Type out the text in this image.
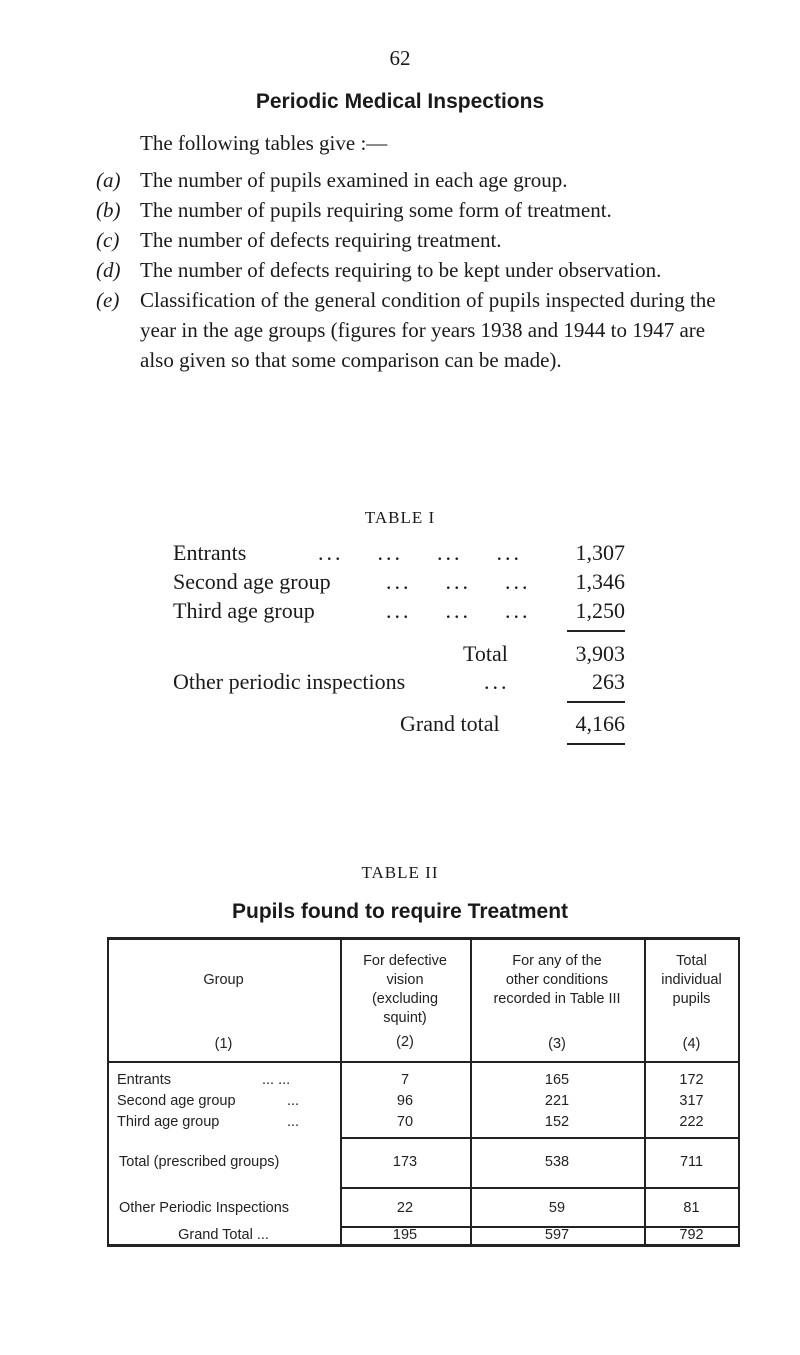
62
Periodic Medical Inspections
The following tables give :—
(a) The number of pupils examined in each age group.
(b) The number of pupils requiring some form of treatment.
(c) The number of defects requiring treatment.
(d) The number of defects requiring to be kept under observation.
(e) Classification of the general condition of pupils inspected during the year in the age groups (figures for years 1938 and 1944 to 1947 are also given so that some comparison can be made).
TABLE I
Entrants	... ... ... ...	1,307
Second age group	... ... ...	1,346
Third age group	... ... ...	1,250
Total	3,903
Other periodic inspections	...	263
Grand total	4,166
TABLE II
Pupils found to require Treatment
Group
(1)
For defective
vision
(excluding
squint)
(2)
For any of the
other conditions
recorded in Table III
(3)
Total
individual
pupils
(4)
Entrants	... ...	7	165	172
Second age group	...	96	221	317
Third age group	...	70	152	222
Total (prescribed groups)	173	538	711
Other Periodic Inspections	22	59	81
Grand Total ...	195	597	792
